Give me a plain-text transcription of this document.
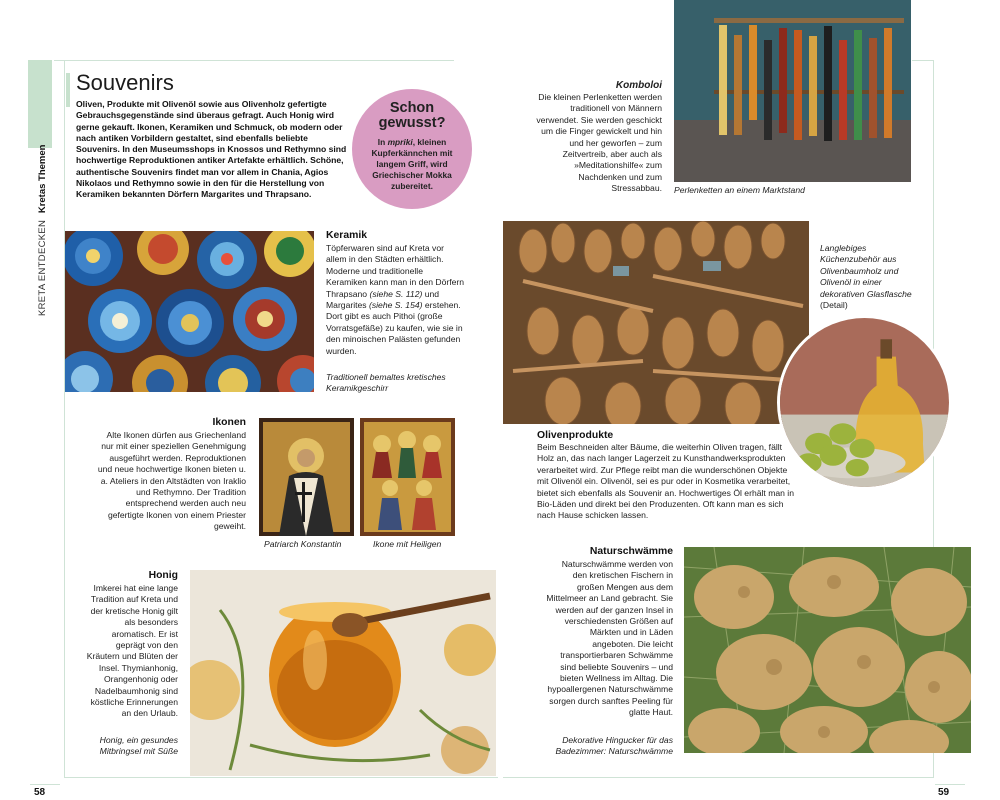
KRETA ENTDECKEN Kretas Themen
Souvenirs
Oliven, Produkte mit Olivenöl sowie aus Olivenholz gefertigte Gebrauchsgegenstände sind überaus gefragt. Auch Honig wird gerne gekauft. Ikonen, Keramiken und Schmuck, ob modern oder nach antiken Vorbildern gestaltet, sind ebenfalls beliebte Souvenirs. In den Museumsshops in Knossos und Rethymno sind hochwertige Reproduktionen antiker Artefakte erhältlich. Schöne, authentische Souvenirs findet man vor allem in Chania, Agios Nikolaos und Rethymno sowie in den für die Herstellung von Keramiken bekannten Dörfern Margarites und Thrapsano.
Schon gewusst?
In mpriki, kleinen Kupferkännchen mit langem Griff, wird Griechischer Mokka zubereitet.
Keramik
Töpferwaren sind auf Kreta vor allem in den Städten erhältlich. Moderne und traditionelle Keramiken kann man in den Dörfern Thrapsano (siehe S. 112) und Margarites (siehe S. 154) erstehen. Dort gibt es auch Pithoi (große Vorratsgefäße) zu kaufen, wie sie in den minoischen Palästen gefunden wurden.
Traditionell bemaltes kretisches Keramikgeschirr
Ikonen
Alte Ikonen dürfen aus Griechenland nur mit einer speziellen Genehmigung ausgeführt werden. Reproduktionen und neue hochwertige Ikonen bieten u. a. Ateliers in den Altstädten von Iraklio und Rethymno. Der Tradition entsprechend werden auch neu gefertigte Ikonen von einem Priester geweiht.
Patriarch Konstantin	Ikone mit Heiligen
Honig
Imkerei hat eine lange Tradition auf Kreta und der kretische Honig gilt als besonders aromatisch. Er ist geprägt von den Kräutern und Blüten der Insel. Thymianhonig, Orangenhonig oder Nadelbaumhonig sind köstliche Erinnerungen an den Urlaub.
Honig, ein gesundes Mitbringsel mit Süße
Komboloi
Die kleinen Perlenketten werden traditionell von Männern verwendet. Sie werden geschickt um die Finger gewickelt und hin und her geworfen – zum Zeitvertreib, aber auch als »Meditationshilfe« zum Nachdenken und zum Stressabbau. Perlenketten an einem Marktstand
Langlebiges Küchenzubehör aus Olivenbaumholz und Olivenöl in einer dekorativen Glasflasche (Detail)
Olivenprodukte
Beim Beschneiden alter Bäume, die weiterhin Oliven tragen, fällt Holz an, das nach langer Lagerzeit zu Kunsthandwerksprodukten verarbeitet wird. Zur Pflege reibt man die wunderschönen Objekte mit Olivenöl ein. Olivenöl, sei es pur oder in Kosmetika verarbeitet, bietet sich ebenfalls als Souvenir an. Hochwertiges Öl erhält man in Bio-Läden und direkt bei den Produzenten. Oft kann man es sich nach Hause schicken lassen.
Naturschwämme
Naturschwämme werden von den kretischen Fischern in großen Mengen aus dem Mittelmeer an Land gebracht. Sie werden auf der ganzen Insel in verschiedensten Größen auf Märkten und in Läden angeboten. Die leicht transportierbaren Schwämme sind beliebte Souvenirs – und bieten Wellness im Alltag. Die hypoallergenen Naturschwämme sorgen durch sanftes Peeling für glatte Haut.
Dekorative Hingucker für das Badezimmer: Naturschwämme
58	59
